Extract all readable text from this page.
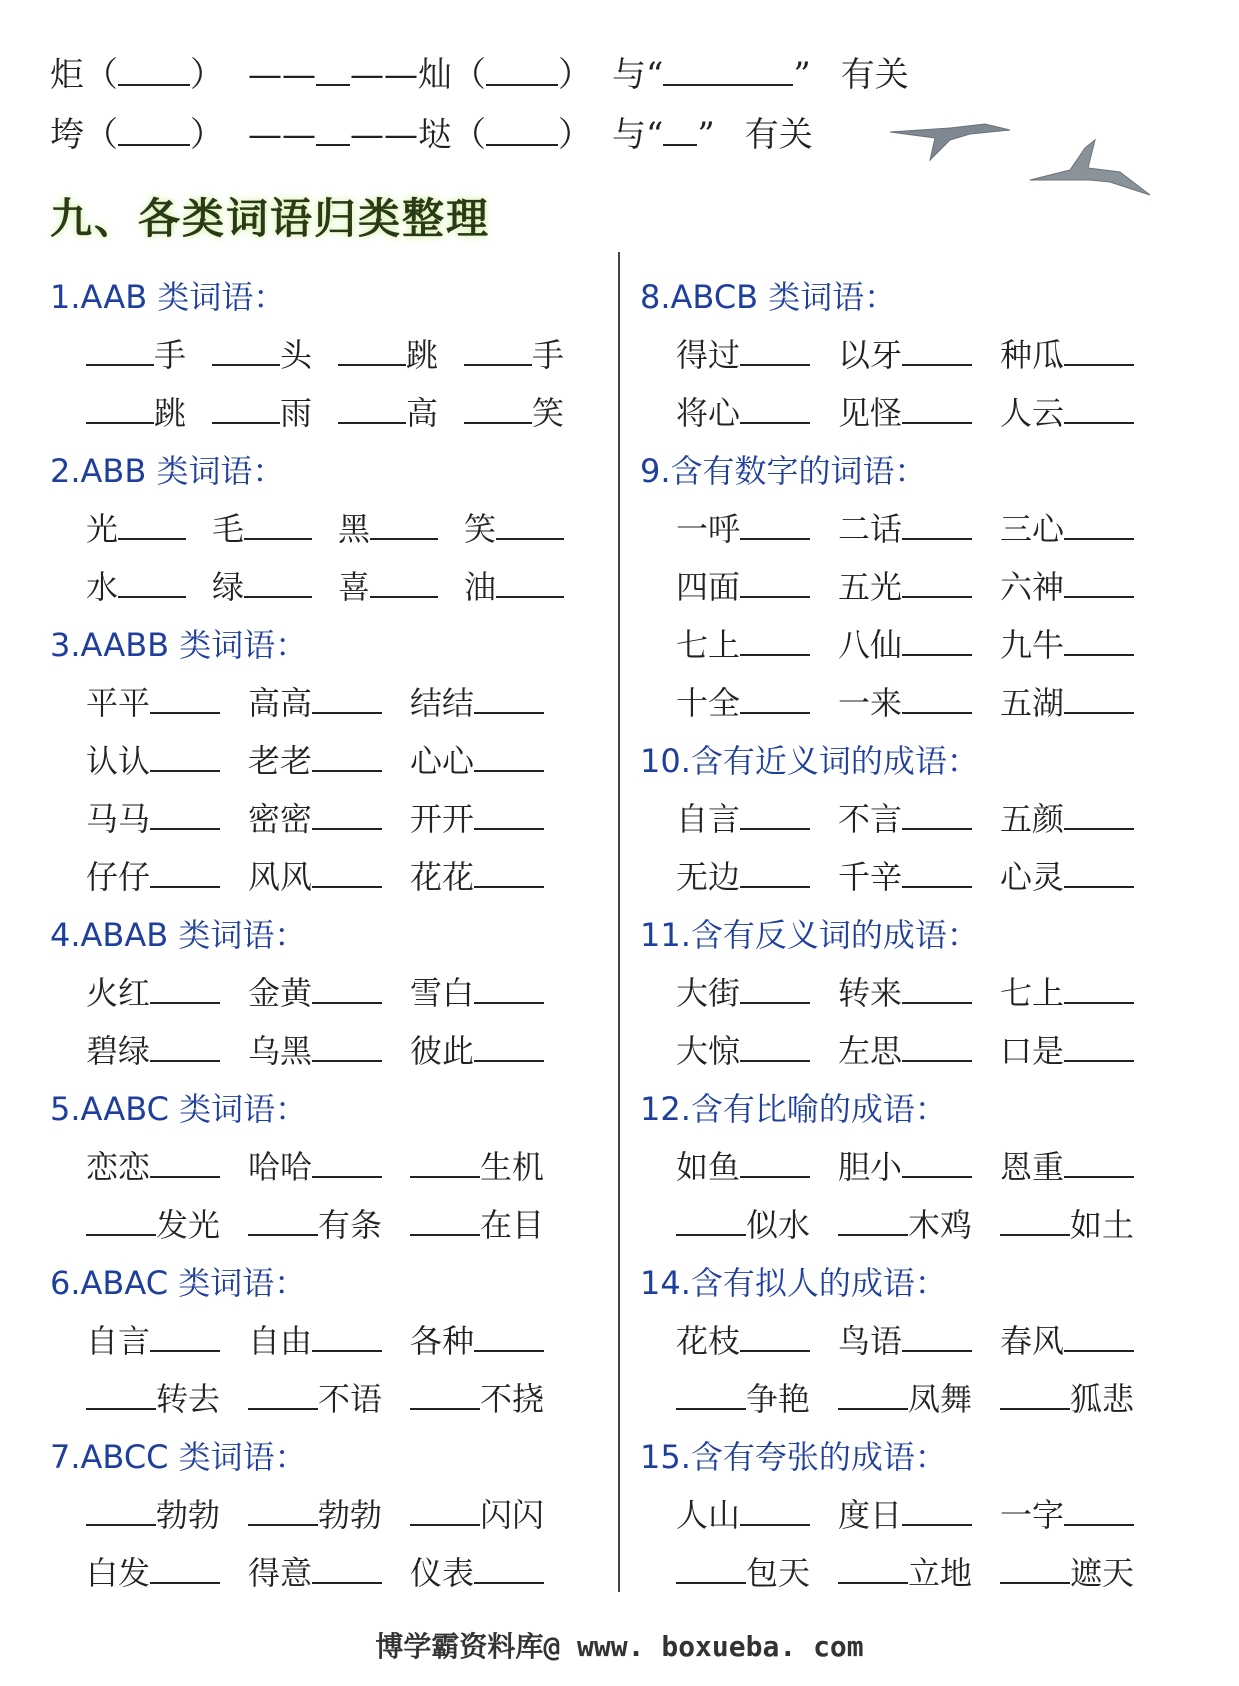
炬（ ） —— ——灿（ ） 与“	” 有关
垮（ ） —— ——垯（ ） 与“ ” 有关
九、各类词语归类整理
1.AAB 类词语：
手	头	跳	手
跳	雨	高	笑
2.ABB 类词语：
光	毛	黑	笑
水	绿	喜	油
3.AABB 类词语：
平平	高高	结结
认认	老老	心心
马马	密密	开开
仔仔	风风	花花
4.ABAB 类词语：
火红	金黄	雪白
碧绿	乌黑	彼此
5.AABC 类词语：
恋恋	哈哈	生机
发光	有条	在目
6.ABAC 类词语：
自言	自由	各种
转去	不语	不挠
7.ABCC 类词语：
勃勃	勃勃	闪闪
白发	得意	仪表
8.ABCB 类词语：
得过	以牙	种瓜
将心	见怪	人云
9.含有数字的词语：
一呼	二话	三心
四面	五光	六神
七上	八仙	九牛
十全	一来	五湖
10.含有近义词的成语：
自言	不言	五颜
无边	千辛	心灵
11.含有反义词的成语：
大街	转来	七上
大惊	左思	口是
12.含有比喻的成语：
如鱼	胆小	恩重
似水	木鸡	如土
14.含有拟人的成语：
花枝	鸟语	春风
争艳	凤舞	狐悲
15.含有夸张的成语：
人山	度日	一字
包天	立地	遮天
博学霸资料库@ www. boxueba. com
